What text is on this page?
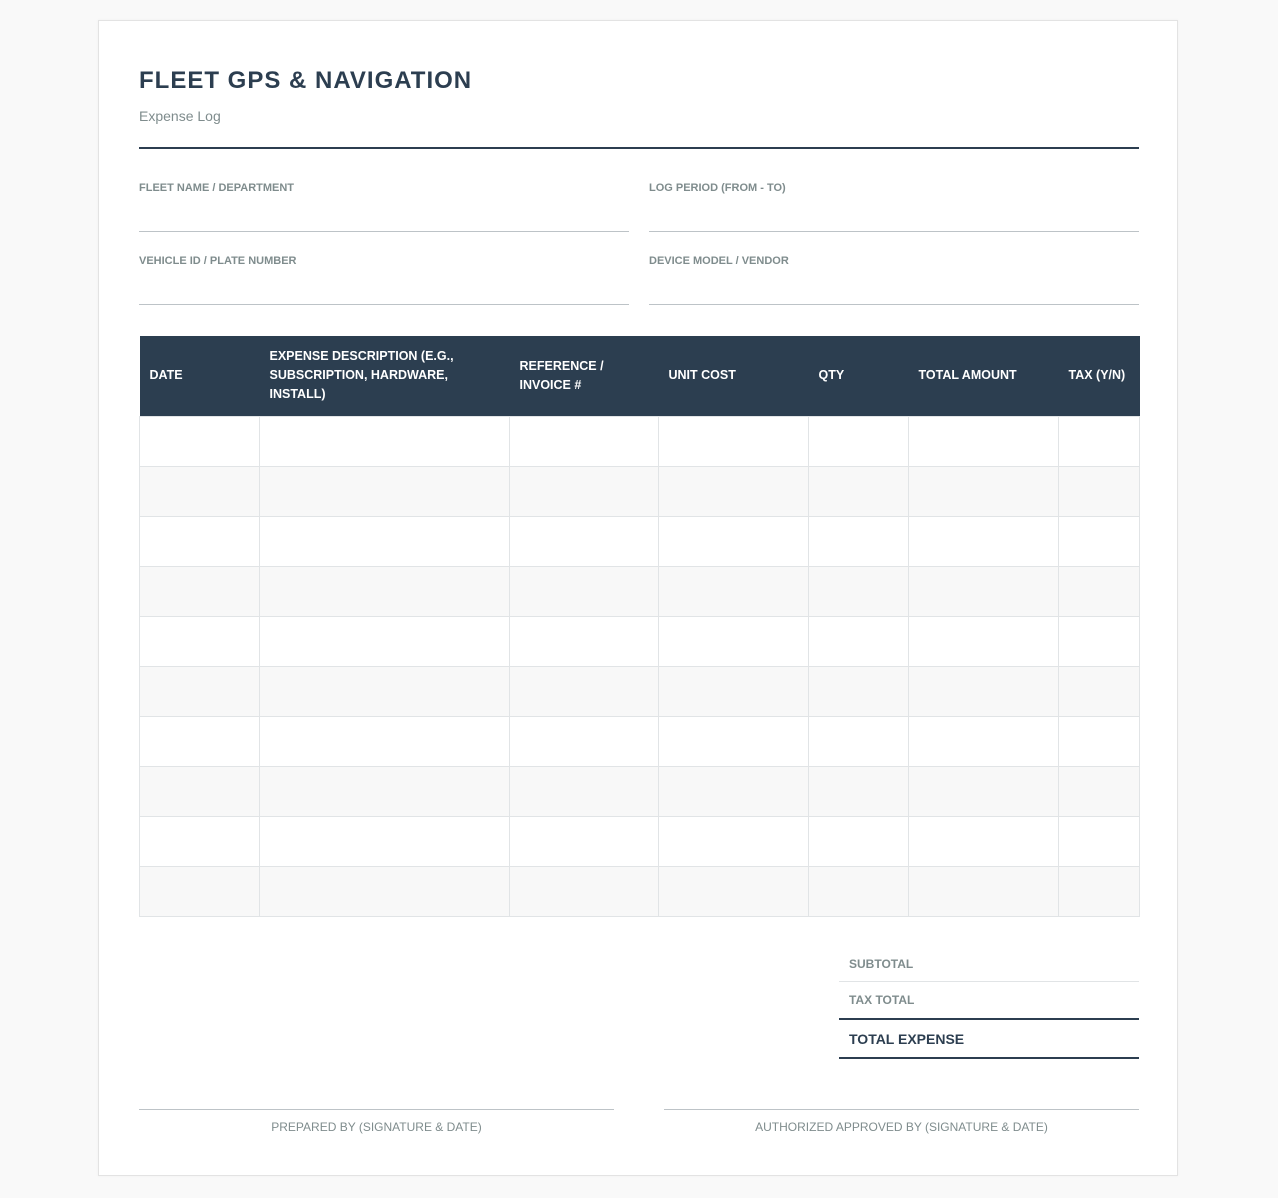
FLEET GPS & NAVIGATION
Expense Log
FLEET NAME / DEPARTMENT	LOG PERIOD (FROM - TO)
VEHICLE ID / PLATE NUMBER	DEVICE MODEL / VENDOR
DATE	EXPENSE DESCRIPTION (E.G., SUBSCRIPTION, HARDWARE, INSTALL)	REFERENCE / INVOICE #	UNIT COST	QTY	TOTAL AMOUNT	TAX (Y/N)

SUBTOTAL
TAX TOTAL
TOTAL EXPENSE
PREPARED BY (SIGNATURE & DATE)	AUTHORIZED APPROVED BY (SIGNATURE & DATE)
